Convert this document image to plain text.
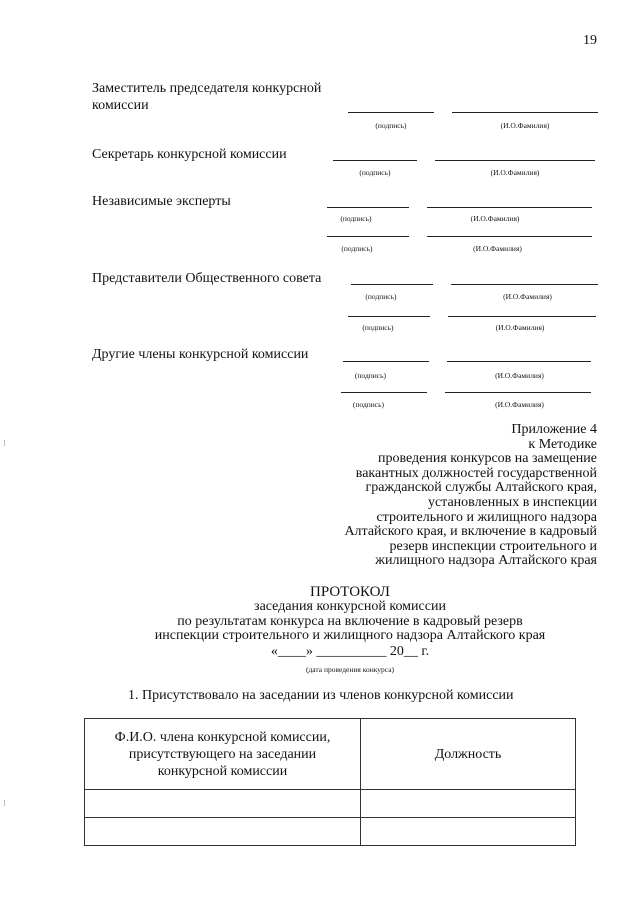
19
Заместитель председателя конкурсной комиссии
(подпись)	(И.О.Фамилия)
Секретарь конкурсной комиссии
(подпись)	(И.О.Фамилия)
Независимые эксперты
(подпись)	(И.О.Фамилия)
(подпись)	(И.О.Фамилия)
Представители Общественного совета
(подпись)	(И.О.Фамилия)
(подпись)	(И.О.Фамилия)
Другие члены конкурсной комиссии
(подпись)	(И.О.Фамилия)
(подпись)	(И.О.Фамилия)
Приложение 4
к Методике
проведения конкурсов на замещение
вакантных должностей государственной
гражданской службы Алтайского края,
установленных в инспекции
строительного и жилищного надзора
Алтайского края, и включение в кадровый
резерв инспекции строительного и
жилищного надзора Алтайского края
ПРОТОКОЛ
заседания конкурсной комиссии
по результатам конкурса на включение в кадровый резерв
инспекции строительного и жилищного надзора Алтайского края
«____» __________ 20__ г.
(дата проведения конкурса)
1. Присутствовало на заседании из членов конкурсной комиссии
Ф.И.О. члена конкурсной комиссии, присутствующего на заседании конкурсной комиссии	Должность
